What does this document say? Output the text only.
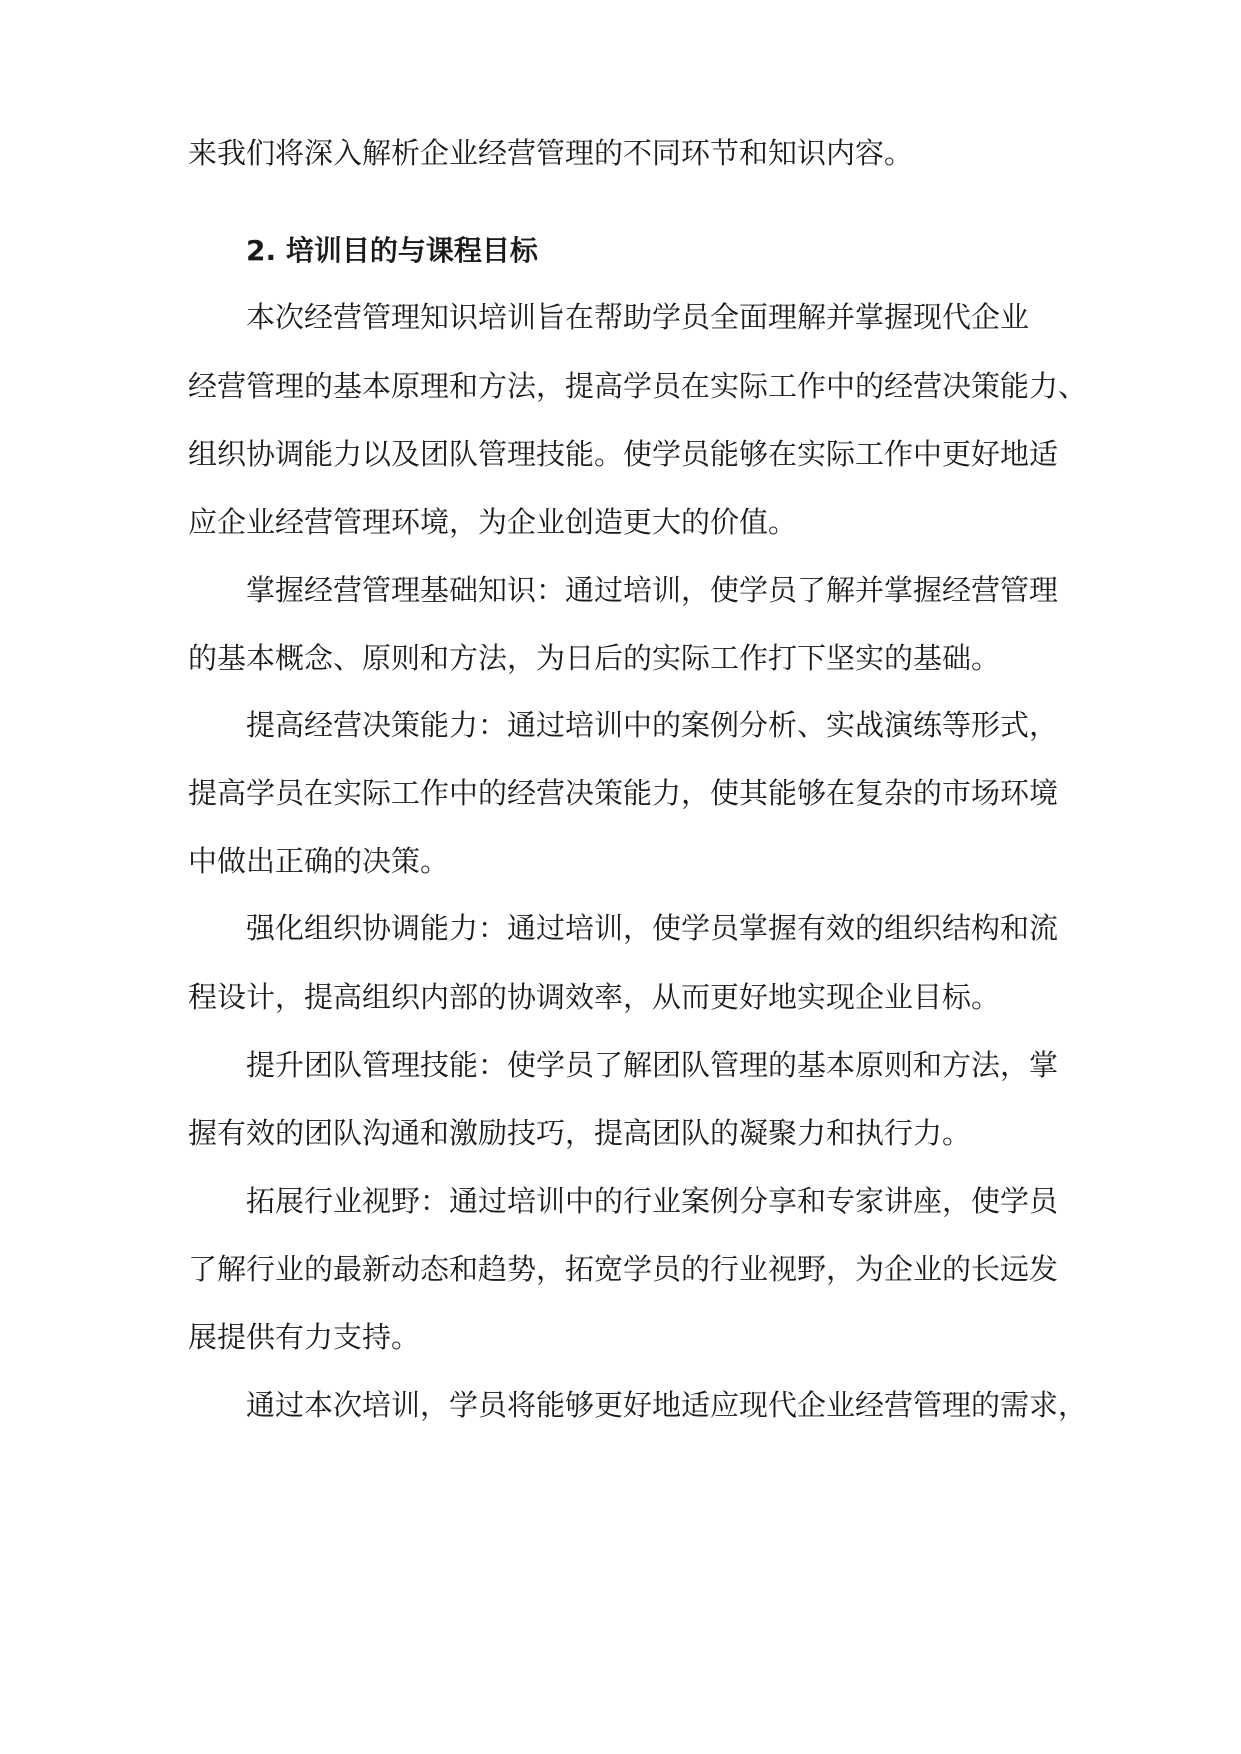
来我们将深入解析企业经营管理的不同环节和知识内容。
2. 培训目的与课程目标
本次经营管理知识培训旨在帮助学员全面理解并掌握现代企业
经营管理的基本原理和方法，提高学员在实际工作中的经营决策能力、
组织协调能力以及团队管理技能。使学员能够在实际工作中更好地适
应企业经营管理环境，为企业创造更大的价值。
掌握经营管理基础知识：通过培训，使学员了解并掌握经营管理
的基本概念、原则和方法，为日后的实际工作打下坚实的基础。
提高经营决策能力：通过培训中的案例分析、实战演练等形式，
提高学员在实际工作中的经营决策能力，使其能够在复杂的市场环境
中做出正确的决策。
强化组织协调能力：通过培训，使学员掌握有效的组织结构和流
程设计，提高组织内部的协调效率，从而更好地实现企业目标。
提升团队管理技能：使学员了解团队管理的基本原则和方法，掌
握有效的团队沟通和激励技巧，提高团队的凝聚力和执行力。
拓展行业视野：通过培训中的行业案例分享和专家讲座，使学员
了解行业的最新动态和趋势，拓宽学员的行业视野，为企业的长远发
展提供有力支持。
通过本次培训，学员将能够更好地适应现代企业经营管理的需求，
